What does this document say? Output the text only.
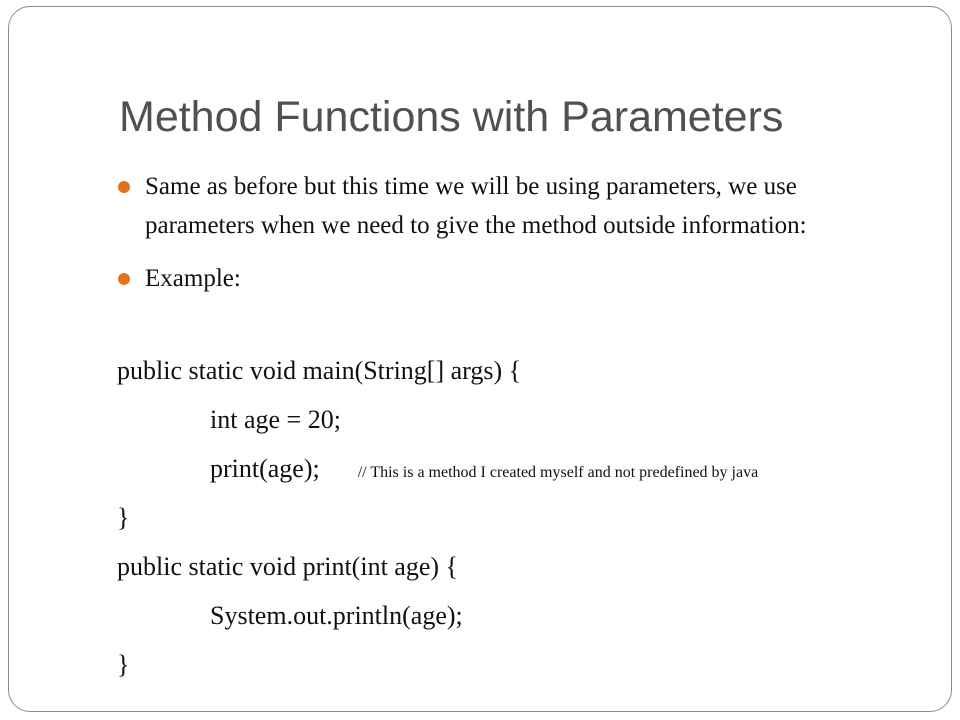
Method Functions with Parameters
Same as before but this time we will be using parameters, we use parameters when we need to give the method outside information:
Example:
public static void main(String[] args) {
int age = 20;
print(age); // This is a method I created myself and not predefined by java
}
public static void print(int age) {
System.out.println(age);
}
